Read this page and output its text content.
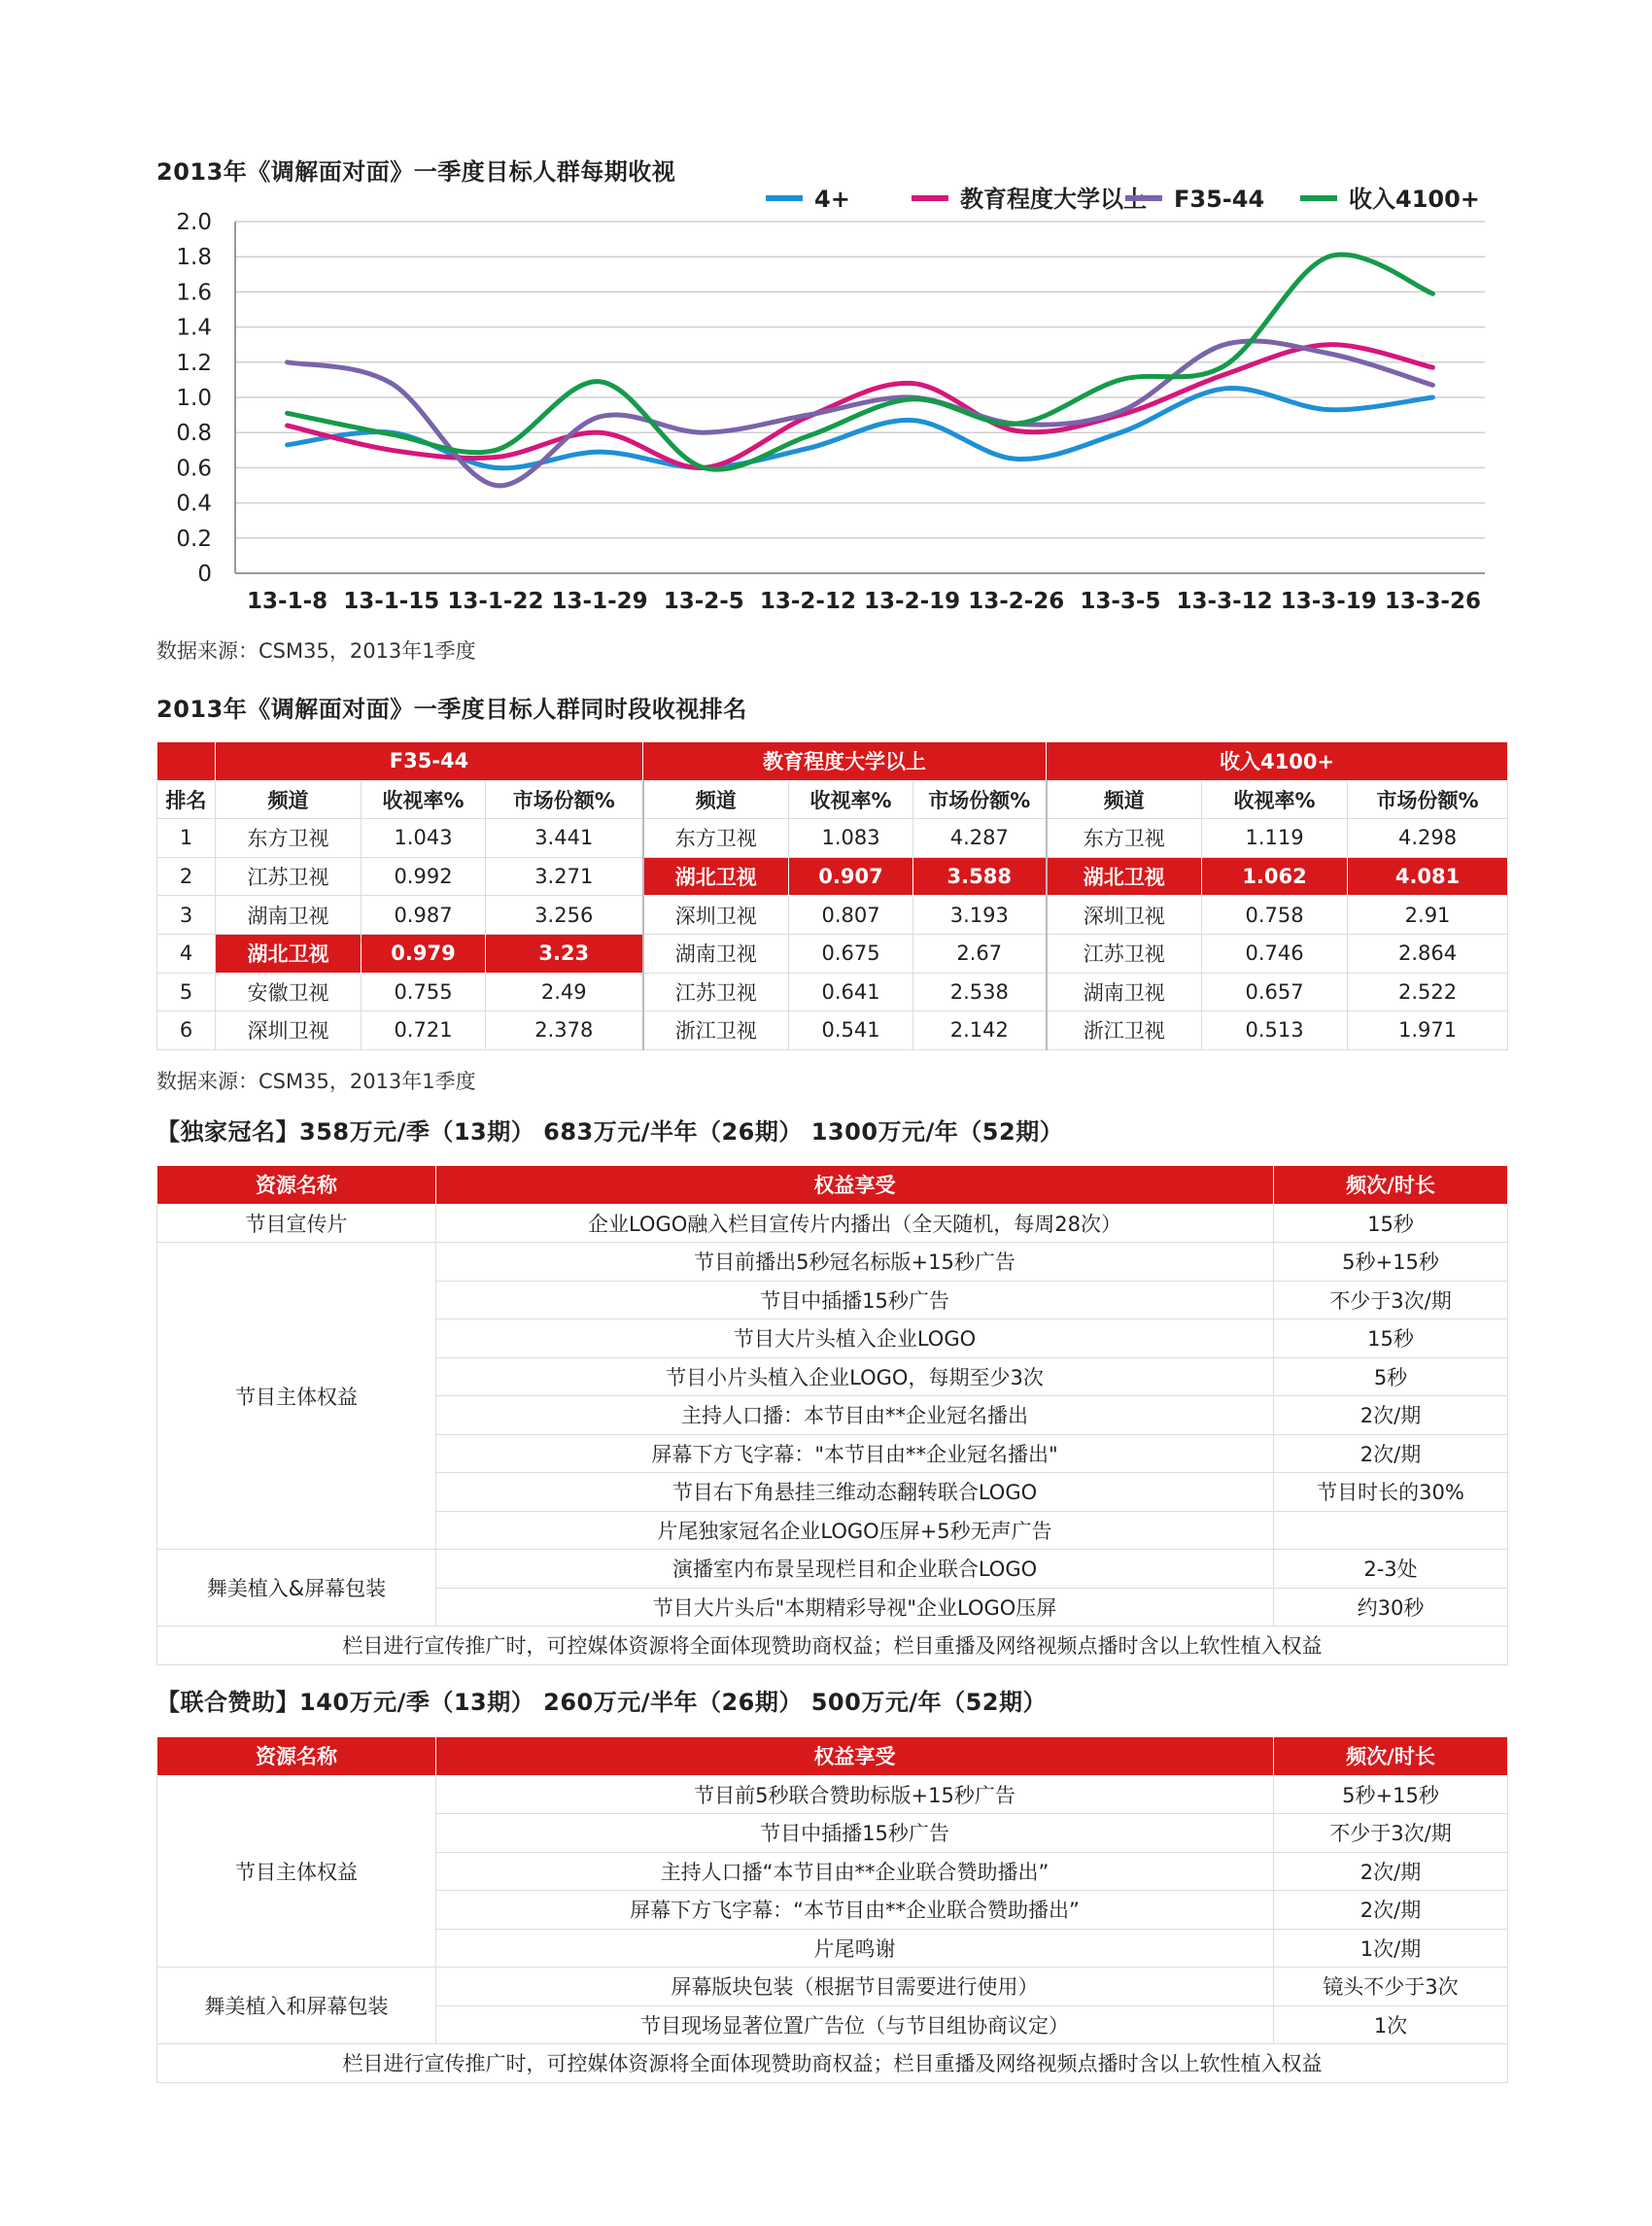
2013年《调解面对面》一季度目标人群每期收视
2.0
1.8
1.6
1.4
1.2
1.0
0.8
0.6
0.4
0.2
0
13-1-8 13-1-15 13-1-22 13-1-29 13-2-5 13-2-12 13-2-19 13-2-26 13-3-5 13-3-12 13-3-19 13-3-26
4+	教育程度大学以上 F35-44	收入4100+
数据来源：CSM35，2013年1季度
2013年《调解面对面》一季度目标人群同时段收视排名
	F35-44			教育程度大学以上			收入4100+		
排名	频道	收视率%	市场份额%	频道	收视率%	市场份额%	频道	收视率%	市场份额%
1	东方卫视	1.043	3.441	东方卫视	1.083	4.287	东方卫视	1.119	4.298
2	江苏卫视	0.992	3.271	湖北卫视	0.907	3.588	湖北卫视	1.062	4.081
3	湖南卫视	0.987	3.256	深圳卫视	0.807	3.193	深圳卫视	0.758	2.91
4	湖北卫视	0.979	3.23	湖南卫视	0.675	2.67	江苏卫视	0.746	2.864
5	安徽卫视	0.755	2.49	江苏卫视	0.641	2.538	湖南卫视	0.657	2.522
6	深圳卫视	0.721	2.378	浙江卫视	0.541	2.142	浙江卫视	0.513	1.971
数据来源：CSM35，2013年1季度
【独家冠名】358万元/季（13期） 683万元/半年（26期） 1300万元/年（52期）
资源名称	权益享受	频次/时长
节目宣传片	企业LOGO融入栏目宣传片内播出（全天随机，每周28次）	15秒
节目主体权益	节目前播出5秒冠名标版+15秒广告	5秒+15秒
	节目中插播15秒广告	不少于3次/期
	节目大片头植入企业LOGO	15秒
	节目小片头植入企业LOGO，每期至少3次	5秒
	主持人口播：本节目由**企业冠名播出	2次/期
	屏幕下方飞字幕："本节目由**企业冠名播出"	2次/期
	节目右下角悬挂三维动态翻转联合LOGO	节目时长的30%
	片尾独家冠名企业LOGO压屏+5秒无声广告	
舞美植入&屏幕包装	演播室内布景呈现栏目和企业联合LOGO	2-3处
	节目大片头后"本期精彩导视"企业LOGO压屏	约30秒
栏目进行宣传推广时，可控媒体资源将全面体现赞助商权益；栏目重播及网络视频点播时含以上软性植入权益		
【联合赞助】140万元/季（13期） 260万元/半年（26期） 500万元/年（52期）
资源名称	权益享受	频次/时长
节目主体权益	节目前5秒联合赞助标版+15秒广告	5秒+15秒
	节目中插播15秒广告	不少于3次/期
	主持人口播“本节目由**企业联合赞助播出”	2次/期
	屏幕下方飞字幕：“本节目由**企业联合赞助播出”	2次/期
	片尾鸣谢	1次/期
舞美植入和屏幕包装	屏幕版块包装（根据节目需要进行使用）	镜头不少于3次
	节目现场显著位置广告位（与节目组协商议定）	1次
栏目进行宣传推广时，可控媒体资源将全面体现赞助商权益；栏目重播及网络视频点播时含以上软性植入权益		
